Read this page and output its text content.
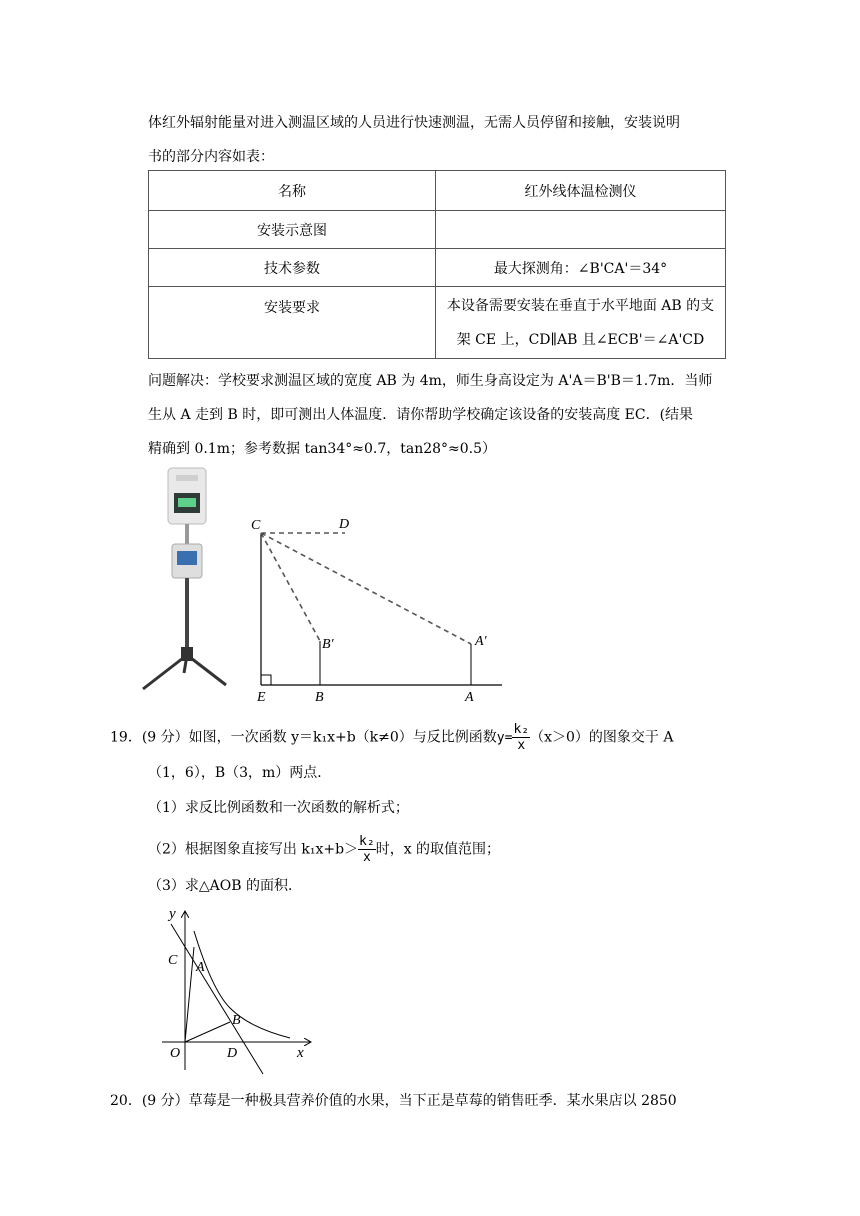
体红外辐射能量对进入测温区域的人员进行快速测温，无需人员停留和接触，安装说明
书的部分内容如表：
名称	红外线体温检测仪
安装示意图	
技术参数	最大探测角：∠B'CA'＝34°
安装要求	本设备需要安装在垂直于水平地面 AB 的支
架 CE 上，CD∥AB 且∠ECB'＝∠A'CD
问题解决：学校要求测温区域的宽度 AB 为 4m，师生身高设定为 A'A＝B'B＝1.7m．当师
生从 A 走到 B 时，即可测出人体温度．请你帮助学校确定该设备的安装高度 EC．(结果
精确到 0.1m；参考数据 tan34°≈0.7，tan28°≈0.5）
C	D
E	B	A
B′	A′
19．(9 分）如图，一次函数 y＝k₁x+b（k≠0）与反比例函数$y= \frac{\text{k₂}}{x} (x>0)$的图象交于 A
（1，6），B（3，m）两点．
（1）求反比例函数和一次函数的解析式；
（2）根据图象直接写出 $k_1x+b> \frac{\text{k₂}}{x}$ 时，x 的取值范围；
（3）求△AOB 的面积．
y
x
C A
B
O	D
20．(9 分）草莓是一种极具营养价值的水果，当下正是草莓的销售旺季．某水果店以 2850
